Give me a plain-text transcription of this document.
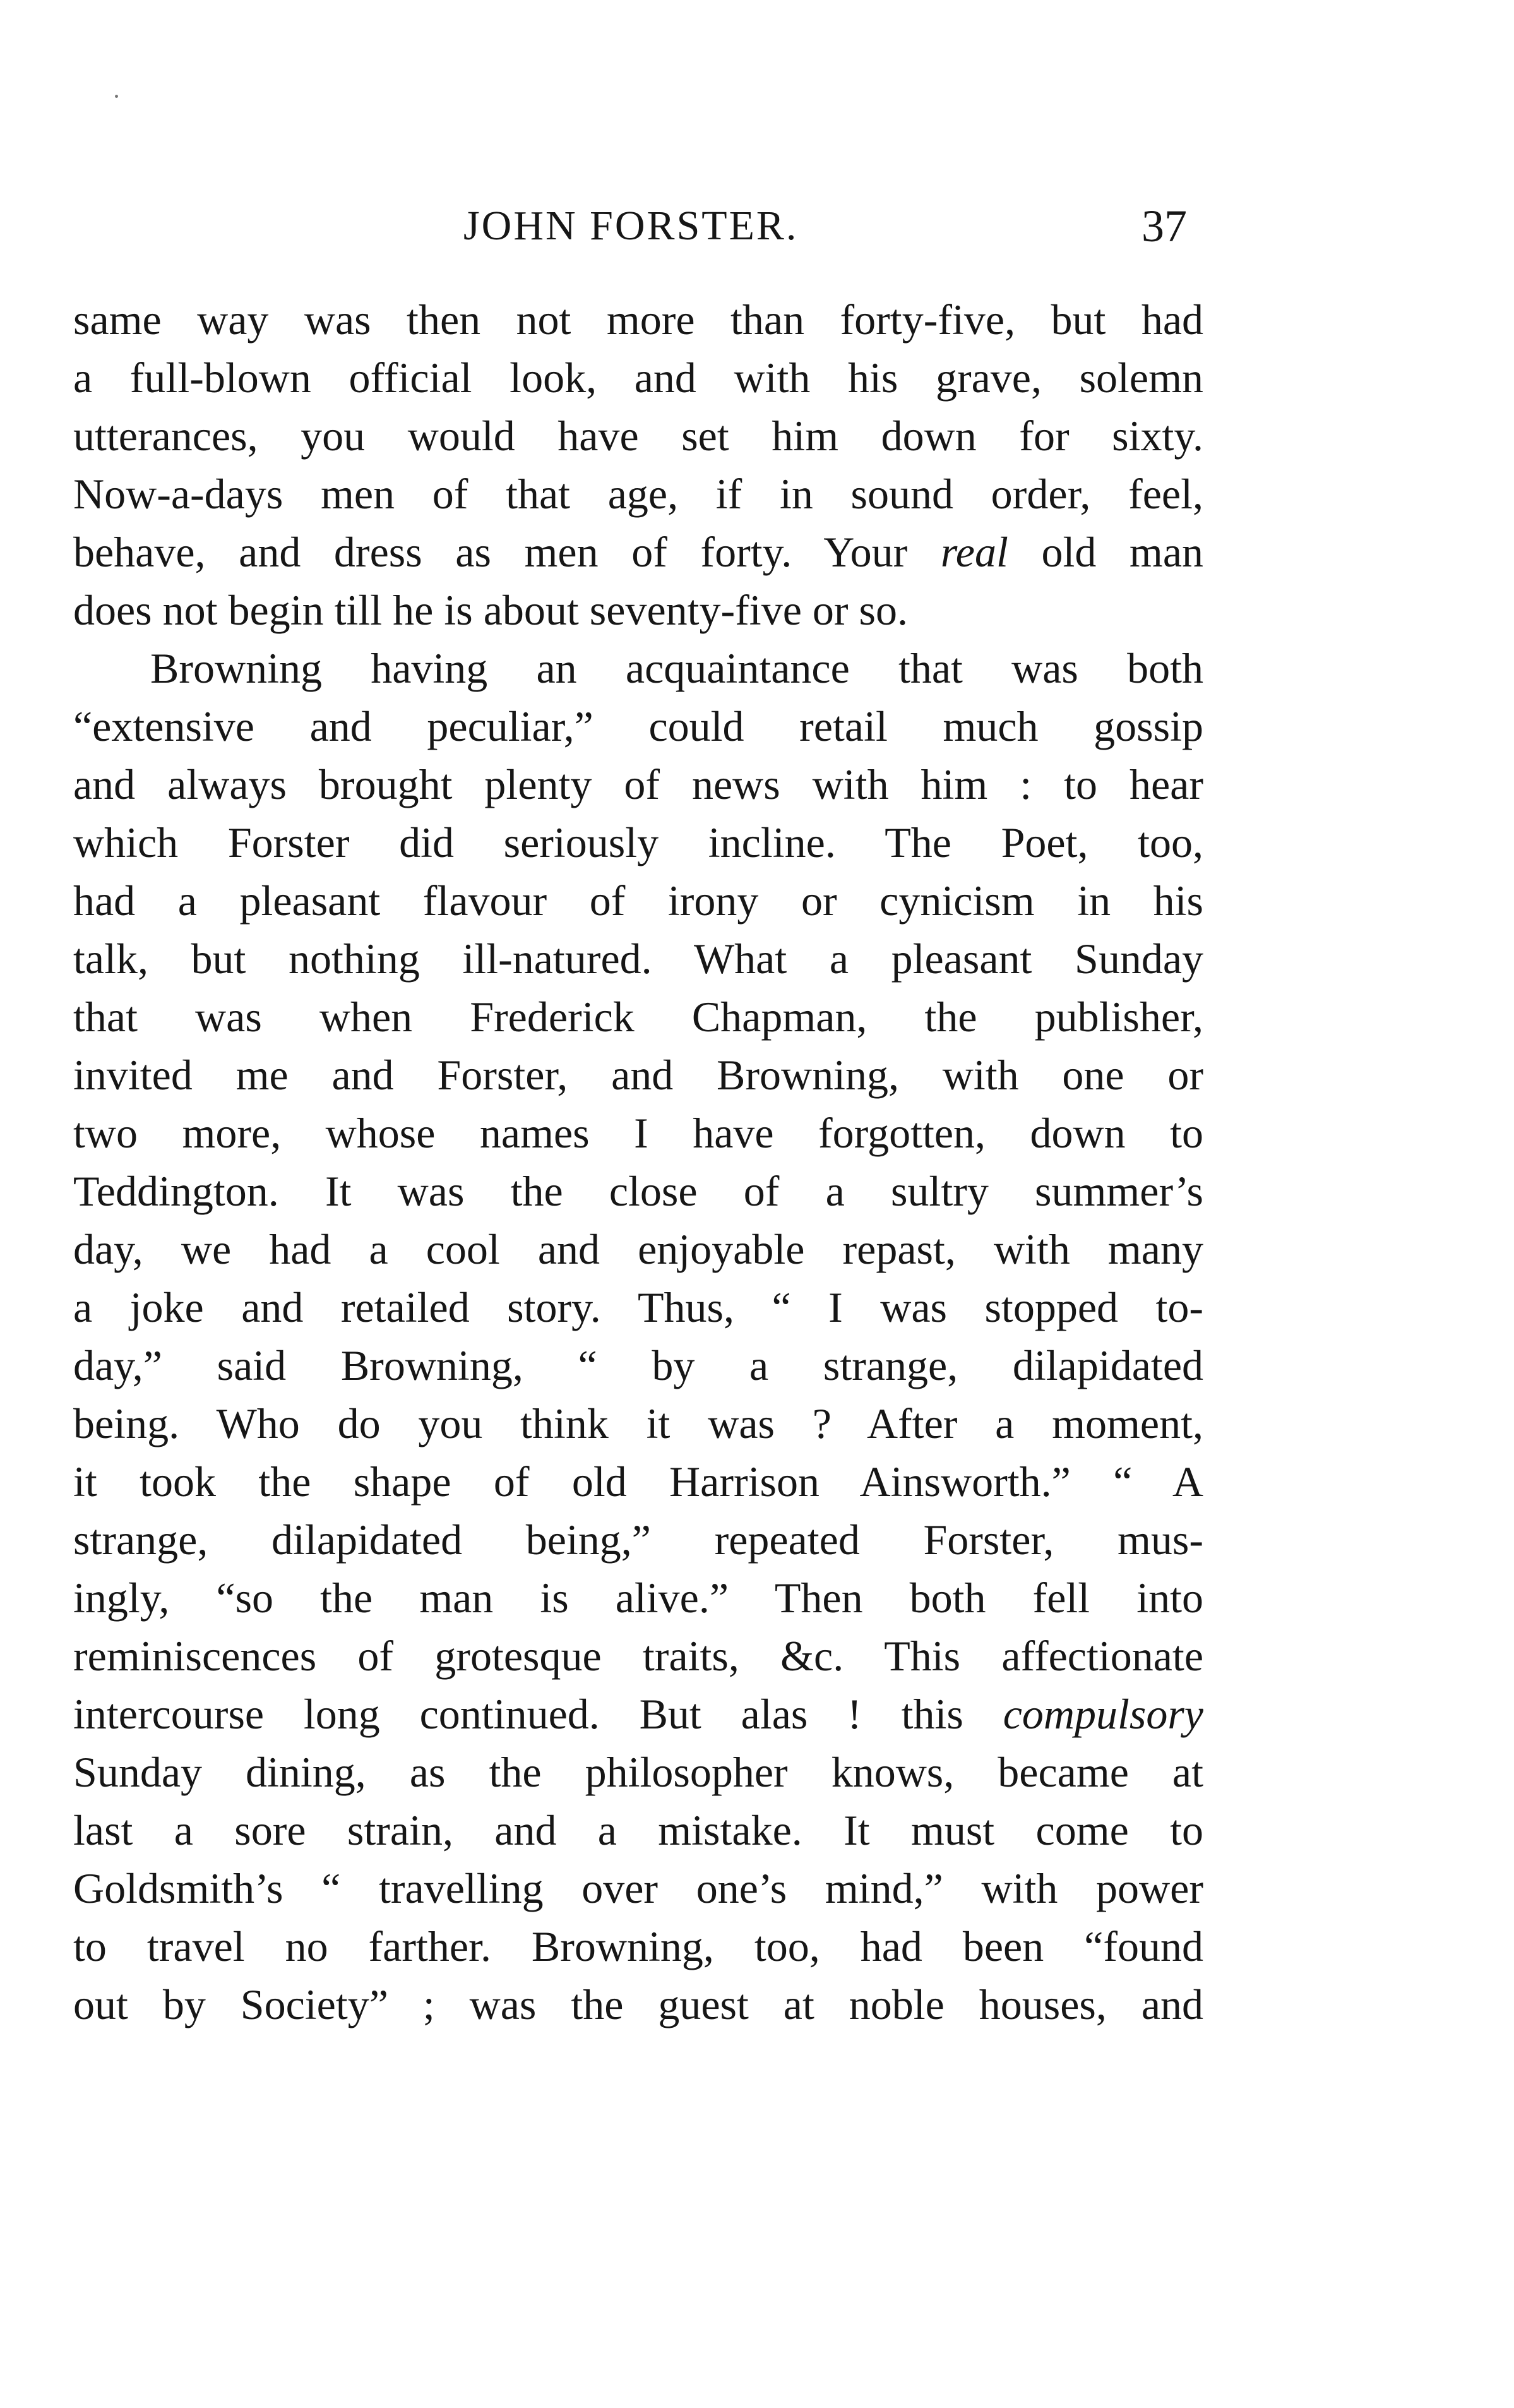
JOHN FORSTER.	37
same way was then not more than forty-five, but had
a full-blown official look, and with his grave, solemn
utterances, you would have set him down for sixty.
Now-a-days men of that age, if in sound order, feel,
behave, and dress as men of forty. Your real old man
does not begin till he is about seventy-five or so.
Browning having an acquaintance that was both
“extensive and peculiar,” could retail much gossip
and always brought plenty of news with him : to hear
which Forster did seriously incline. The Poet, too,
had a pleasant flavour of irony or cynicism in his
talk, but nothing ill-natured. What a pleasant Sunday
that was when Frederick Chapman, the publisher,
invited me and Forster, and Browning, with one or
two more, whose names I have forgotten, down to
Teddington. It was the close of a sultry summer’s
day, we had a cool and enjoyable repast, with many
a joke and retailed story. Thus, “ I was stopped to-
day,” said Browning, “ by a strange, dilapidated
being. Who do you think it was ? After a moment,
it took the shape of old Harrison Ainsworth.” “ A
strange, dilapidated being,” repeated Forster, mus-
ingly, “so the man is alive.” Then both fell into
reminiscences of grotesque traits, &c. This affectionate
intercourse long continued. But alas ! this compulsory
Sunday dining, as the philosopher knows, became at
last a sore strain, and a mistake. It must come to
Goldsmith’s “ travelling over one’s mind,” with power
to travel no farther. Browning, too, had been “found
out by Society” ; was the guest at noble houses, and
